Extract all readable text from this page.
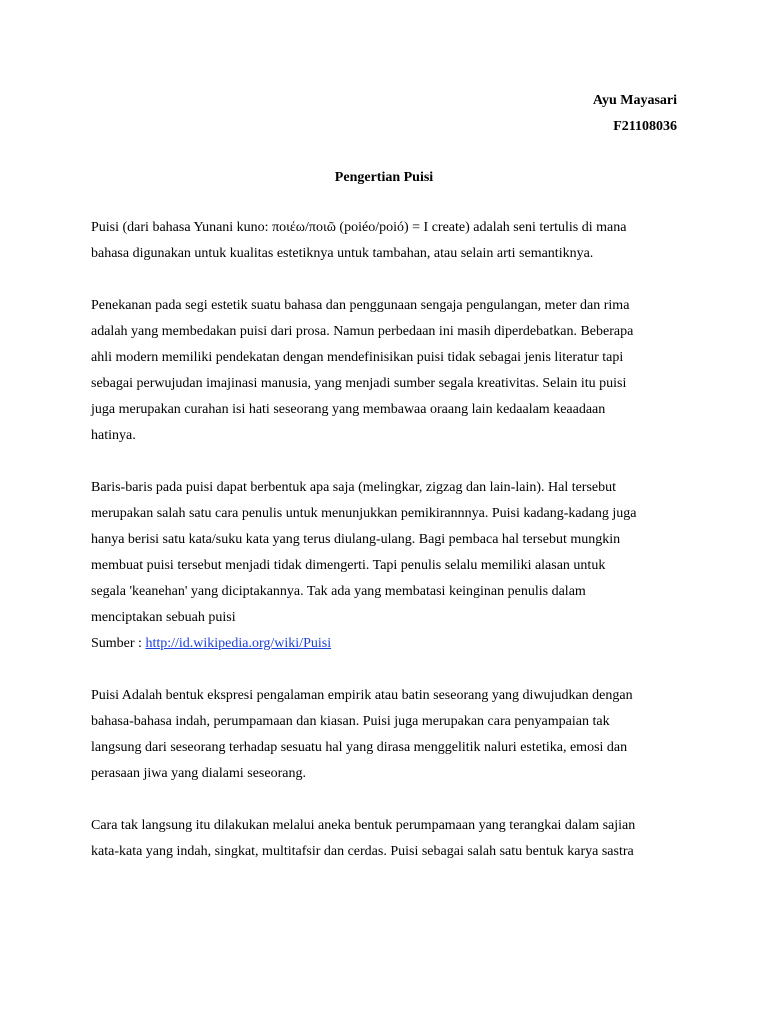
Ayu Mayasari
F21108036
Pengertian Puisi
Puisi (dari bahasa Yunani kuno: ποιέω/ποιῶ (poiéo/poió) = I create) adalah seni tertulis di mana
bahasa digunakan untuk kualitas estetiknya untuk tambahan, atau selain arti semantiknya.
Penekanan pada segi estetik suatu bahasa dan penggunaan sengaja pengulangan, meter dan rima
adalah yang membedakan puisi dari prosa. Namun perbedaan ini masih diperdebatkan. Beberapa
ahli modern memiliki pendekatan dengan mendefinisikan puisi tidak sebagai jenis literatur tapi
sebagai perwujudan imajinasi manusia, yang menjadi sumber segala kreativitas. Selain itu puisi
juga merupakan curahan isi hati seseorang yang membawaa oraang lain kedaalam keaadaan
hatinya.
Baris-baris pada puisi dapat berbentuk apa saja (melingkar, zigzag dan lain-lain). Hal tersebut
merupakan salah satu cara penulis untuk menunjukkan pemikirannnya. Puisi kadang-kadang juga
hanya berisi satu kata/suku kata yang terus diulang-ulang. Bagi pembaca hal tersebut mungkin
membuat puisi tersebut menjadi tidak dimengerti. Tapi penulis selalu memiliki alasan untuk
segala 'keanehan' yang diciptakannya. Tak ada yang membatasi keinginan penulis dalam
menciptakan sebuah puisi
Sumber : http://id.wikipedia.org/wiki/Puisi
Puisi Adalah bentuk ekspresi pengalaman empirik atau batin seseorang yang diwujudkan dengan
bahasa-bahasa indah, perumpamaan dan kiasan. Puisi juga merupakan cara penyampaian tak
langsung dari seseorang terhadap sesuatu hal yang dirasa menggelitik naluri estetika, emosi dan
perasaan jiwa yang dialami seseorang.
Cara tak langsung itu dilakukan melalui aneka bentuk perumpamaan yang terangkai dalam sajian
kata-kata yang indah, singkat, multitafsir dan cerdas. Puisi sebagai salah satu bentuk karya sastra
